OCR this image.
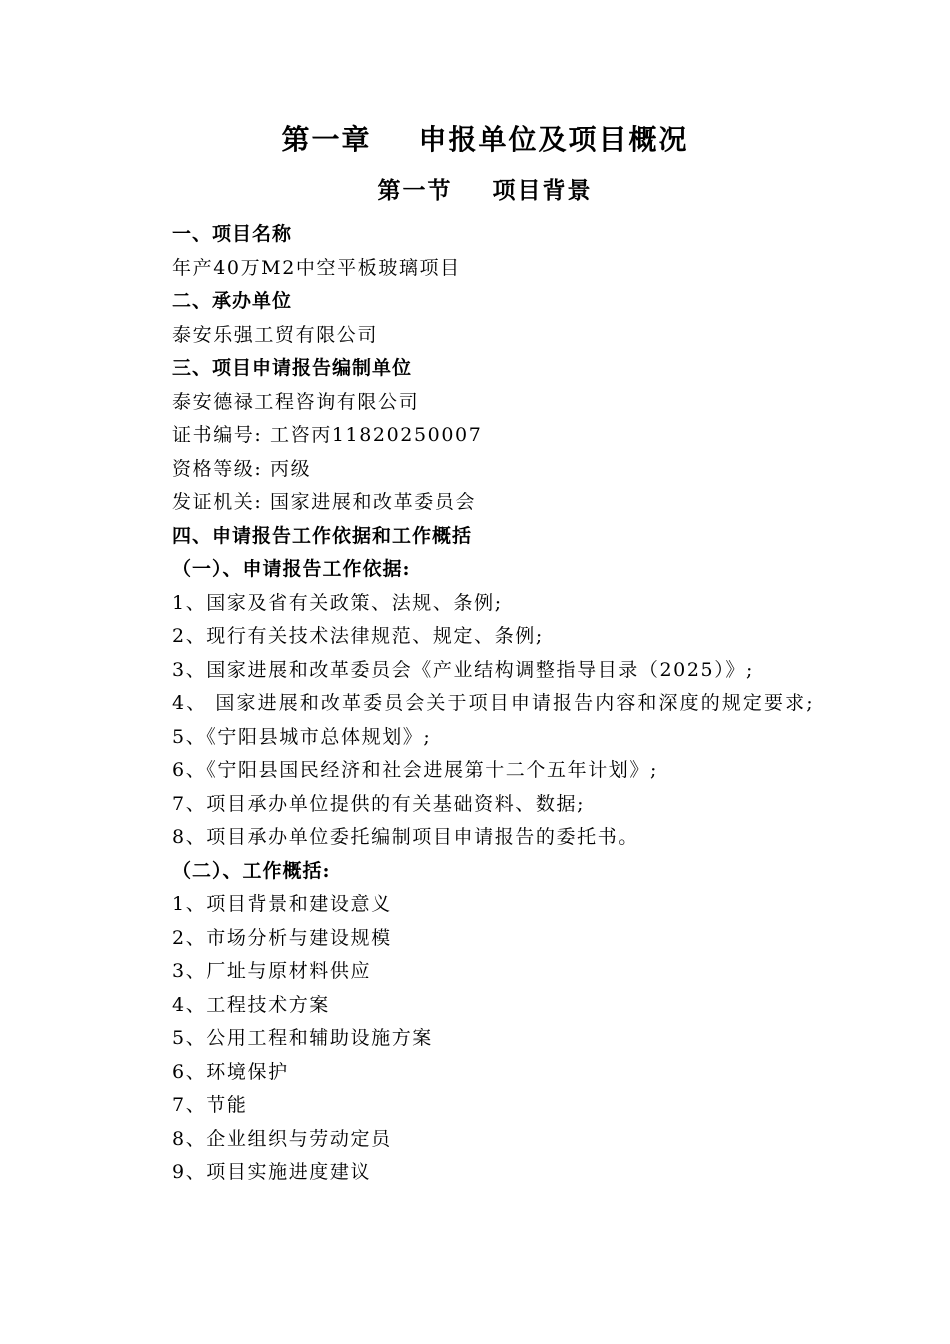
第一章    申报单位及项目概况
第一节    项目背景

一、项目名称

年产40万M2中空平板玻璃项目

二、承办单位

泰安乐强工贸有限公司

三、项目申请报告编制单位

泰安德禄工程咨询有限公司

证书编号: 工咨丙11820250007

资格等级: 丙级

发证机关: 国家进展和改革委员会

四、申请报告工作依据和工作概括

（一）、申请报告工作依据:

1、国家及省有关政策、法规、条例;

2、现行有关技术法律规范、规定、条例;

3、国家进展和改革委员会《产业结构调整指导目录（2025）》;

4、 国家进展和改革委员会关于项目申请报告内容和深度的规定要求;

5、《宁阳县城市总体规划》;

6、《宁阳县国民经济和社会进展第十二个五年计划》;

7、项目承办单位提供的有关基础资料、数据;

8、项目承办单位委托编制项目申请报告的委托书。

（二）、工作概括:

1、项目背景和建设意义

2、市场分析与建设规模

3、厂址与原材料供应

4、工程技术方案

5、公用工程和辅助设施方案

6、环境保护

7、节能

8、企业组织与劳动定员

9、项目实施进度建议
